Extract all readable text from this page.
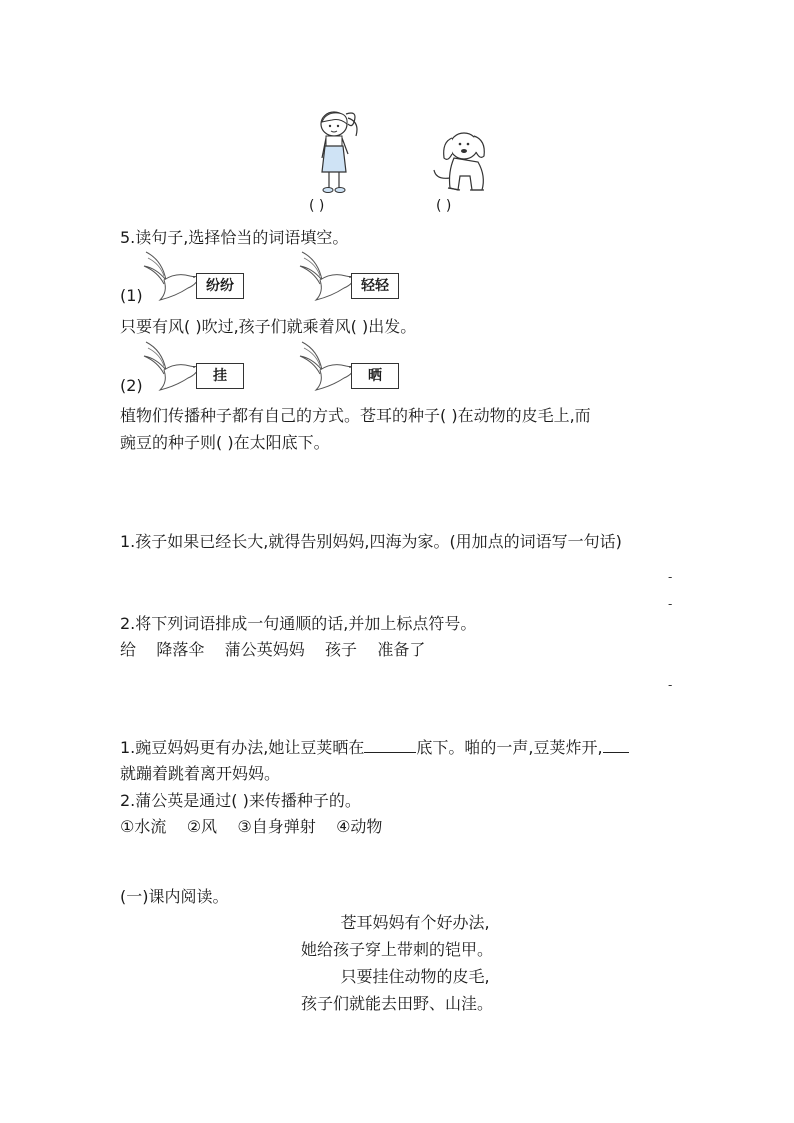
( )	( )
5.读句子,选择恰当的词语填空。
(1)	纷纷	轻轻
只要有风( )吹过,孩子们就乘着风( )出发。
(2)	挂	晒
植物们传播种子都有自己的方式。苍耳的种子( )在动物的皮毛上,而
豌豆的种子则( )在太阳底下。
1.孩子如果已经长大,就得告别妈妈,四海为家。(用加点的词语写一句话)
-
-
2.将下列词语排成一句通顺的话,并加上标点符号。
给    降落伞    蒲公英妈妈    孩子    准备了
-
1.豌豆妈妈更有办法,她让豆荚晒在	底下。啪的一声,豆荚炸开,
就蹦着跳着离开妈妈。
2.蒲公英是通过( )来传播种子的。
①水流    ②风    ③自身弹射    ④动物
(一)课内阅读。
苍耳妈妈有个好办法,
她给孩子穿上带刺的铠甲。
只要挂住动物的皮毛,
孩子们就能去田野、山洼。
